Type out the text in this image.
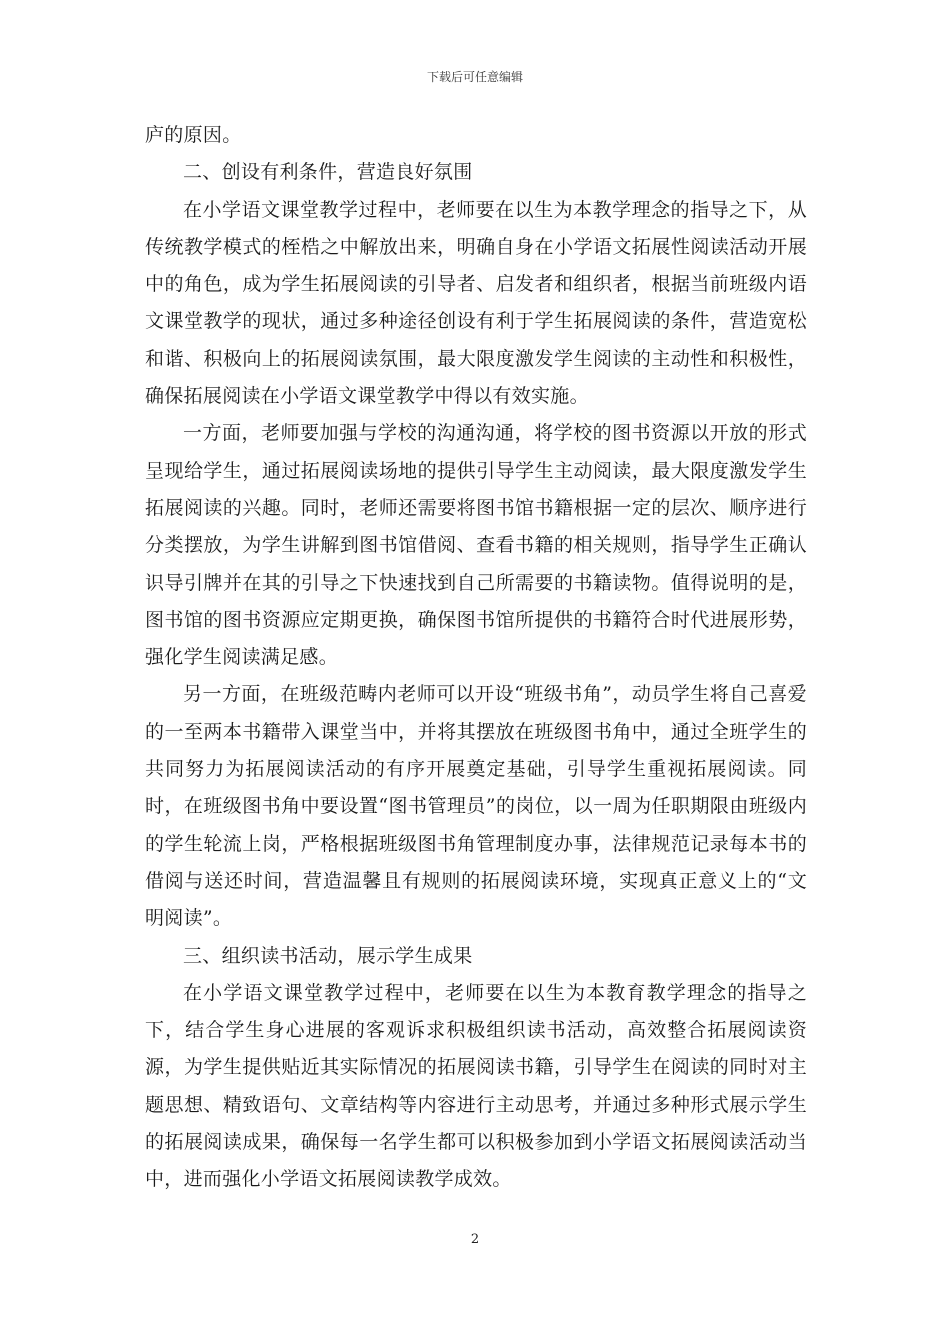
下载后可任意编辑

庐的原因。

二、创设有利条件，营造良好氛围

在小学语文课堂教学过程中，老师要在以生为本教学理念的指导之下，从传统教学模式的桎梏之中解放出来，明确自身在小学语文拓展性阅读活动开展中的角色，成为学生拓展阅读的引导者、启发者和组织者，根据当前班级内语文课堂教学的现状，通过多种途径创设有利于学生拓展阅读的条件，营造宽松和谐、积极向上的拓展阅读氛围，最大限度激发学生阅读的主动性和积极性，确保拓展阅读在小学语文课堂教学中得以有效实施。

一方面，老师要加强与学校的沟通沟通，将学校的图书资源以开放的形式呈现给学生，通过拓展阅读场地的提供引导学生主动阅读，最大限度激发学生拓展阅读的兴趣。同时，老师还需要将图书馆书籍根据一定的层次、顺序进行分类摆放，为学生讲解到图书馆借阅、查看书籍的相关规则，指导学生正确认识导引牌并在其的引导之下快速找到自己所需要的书籍读物。值得说明的是，图书馆的图书资源应定期更换，确保图书馆所提供的书籍符合时代进展形势，强化学生阅读满足感。

另一方面，在班级范畴内老师可以开设“班级书角”，动员学生将自己喜爱的一至两本书籍带入课堂当中，并将其摆放在班级图书角中，通过全班学生的共同努力为拓展阅读活动的有序开展奠定基础，引导学生重视拓展阅读。同时，在班级图书角中要设置“图书管理员”的岗位，以一周为任职期限由班级内的学生轮流上岗，严格根据班级图书角管理制度办事，法律规范记录每本书的借阅与送还时间，营造温馨且有规则的拓展阅读环境，实现真正意义上的“文明阅读”。

三、组织读书活动，展示学生成果

在小学语文课堂教学过程中，老师要在以生为本教育教学理念的指导之下，结合学生身心进展的客观诉求积极组织读书活动，高效整合拓展阅读资源，为学生提供贴近其实际情况的拓展阅读书籍，引导学生在阅读的同时对主题思想、精致语句、文章结构等内容进行主动思考，并通过多种形式展示学生的拓展阅读成果，确保每一名学生都可以积极参加到小学语文拓展阅读活动当中，进而强化小学语文拓展阅读教学成效。

2
